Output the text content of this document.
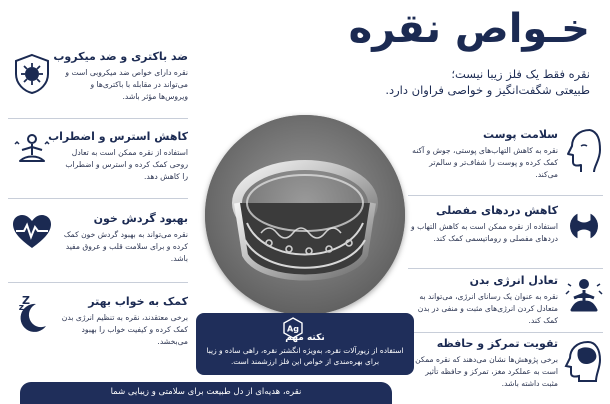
خـواص نقره
نقره فقط یک فلز زیبا نیست؛
طبیعتی شگفت‌انگیز و خواصی فراوان دارد.
ضد باکتری و ضد میکروب

نقره دارای خواص ضد میکروبی است و می‌تواند در مقابله با باکتری‌ها و ویروس‌ها مؤثر باشد.

کاهش استرس و اضطراب

استفاده از نقره ممکن است به تعادل روحی کمک کرده و استرس و اضطراب را کاهش دهد.

بهبود گردش خون

نقره می‌تواند به بهبود گردش خون کمک کرده و برای سلامت قلب و عروق مفید باشد.

z
Z	کمک به خواب بهتر

برخی معتقدند، نقره به تنظیم انرژی بدن کمک کرده و کیفیت خواب را بهبود می‌بخشد.

سلامت پوست

نقره به کاهش التهاب‌های پوستی، جوش و آکنه کمک کرده و پوست را شفاف‌تر و سالم‌تر می‌کند.

کاهش دردهای مفصلی

استفاده از نقره ممکن است به کاهش التهاب و دردهای مفصلی و روماتیسمی کمک کند.

تعادل انرژی بدن

نقره به عنوان یک رسانای انرژی، می‌تواند به متعادل کردن انرژی‌های مثبت و منفی در بدن کمک کند.

تقویت تمرکز و حافظه

برخی پژوهش‌ها نشان می‌دهند که نقره ممکن است به عملکرد مغز، تمرکز و حافظه تأثیر مثبت داشته باشد.

نکته مهم

استفاده از زیورآلات نقره، به‌ویژه انگشتر نقره، راهی ساده و زیبا برای بهره‌مندی از خواص این فلز ارزشمند است.

Ag
نقره، هدیه‌ای از دل طبیعت برای سلامتی و زیبایی شما
